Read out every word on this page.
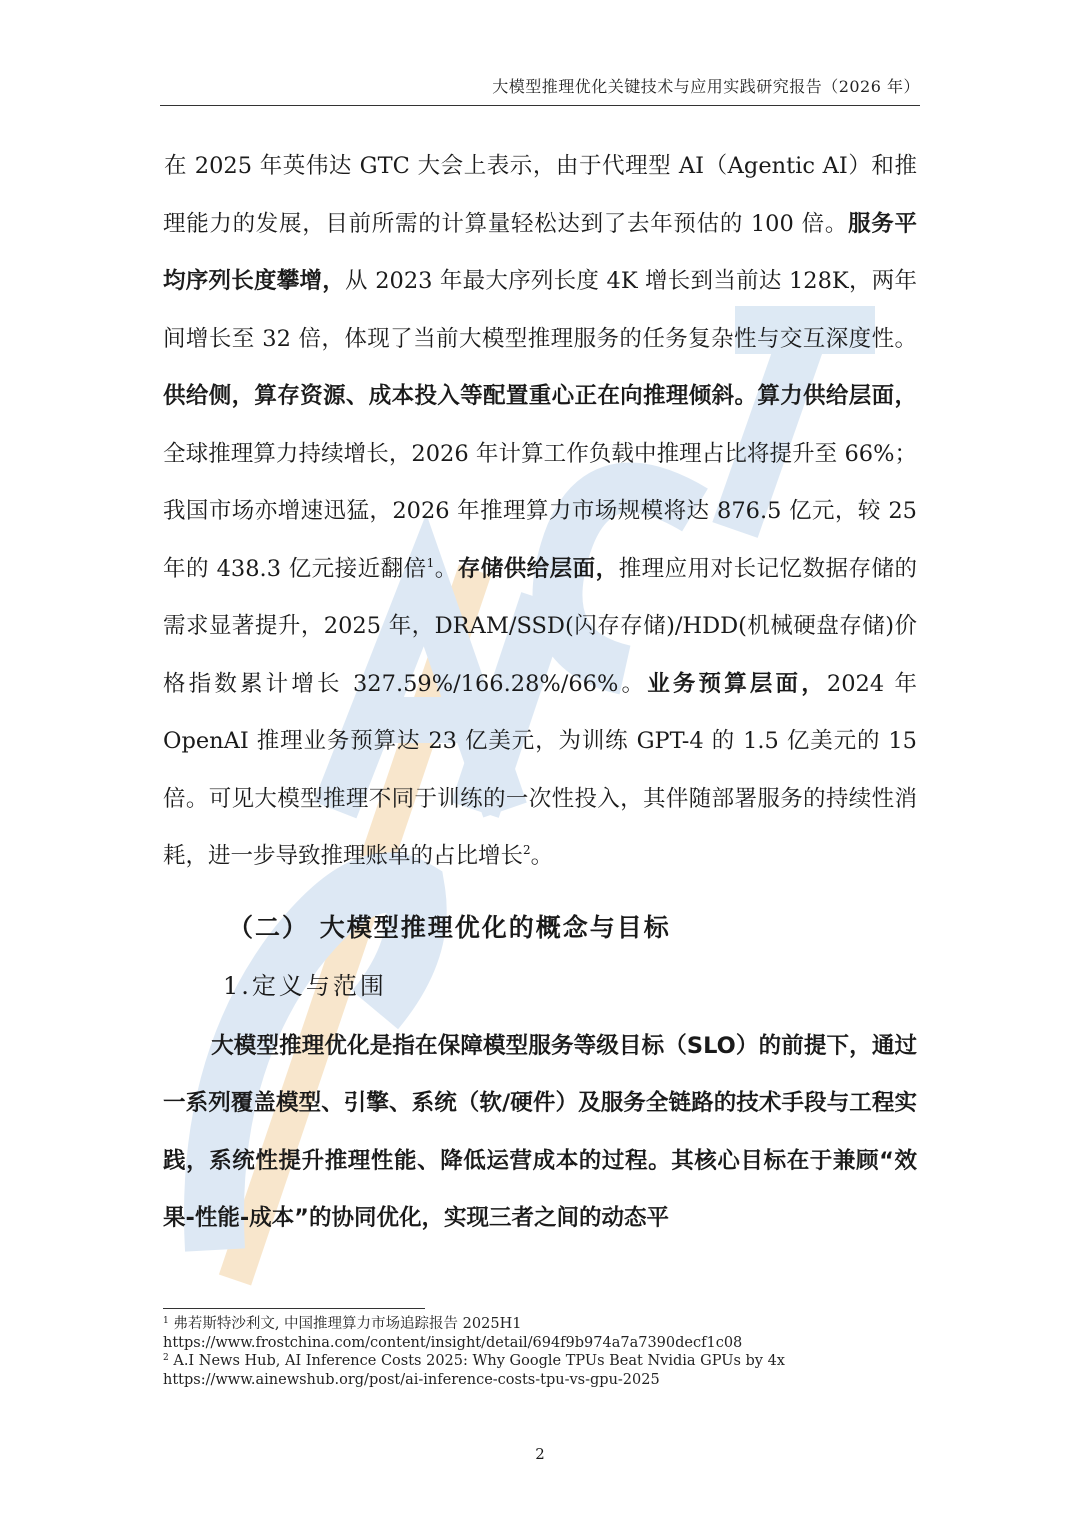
CAICT 中国信通院
大模型推理优化关键技术与应用实践研究报告（2026 年）

在 2025 年英伟达 GTC 大会上表示，由于代理型 AI（Agentic AI）和推理能力的发展，目前所需的计算量轻松达到了去年预估的 100 倍。服务平均序列长度攀增，从 2023 年最大序列长度 4K 增长到当前达 128K，两年间增长至 32 倍，体现了当前大模型推理服务的任务复杂性与交互深度性。供给侧，算存资源、成本投入等配置重心正在向推理倾斜。算力供给层面，全球推理算力持续增长，2026 年计算工作负载中推理占比将提升至 66%；我国市场亦增速迅猛，2026 年推理算力市场规模将达 876.5 亿元，较 25 年的 438.3 亿元接近翻倍$^1$。存储供给层面，推理应用对长记忆数据存储的需求显著提升，2025 年，DRAM/SSD(闪存存储)/HDD(机械硬盘存储)价格指数累计增长 327.59%/166.28%/66%。业务预算层面，2024 年 OpenAI 推理业务预算达 23 亿美元，为训练 GPT-4 的 1.5 亿美元的 15 倍。可见大模型推理不同于训练的一次性投入，其伴随部署服务的持续性消耗，进一步导致推理账单的占比增长$^2$。

（二） 大模型推理优化的概念与目标
1.定义与范围

大模型推理优化是指在保障模型服务等级目标（SLO）的前提下，通过一系列覆盖模型、引擎、系统（软/硬件）及服务全链路的技术手段与工程实践，系统性提升推理性能、降低运营成本的过程。其核心目标在于兼顾“效果-性能-成本”的协同优化，实现三者之间的动态平

$^1$ 弗若斯特沙利文, 中国推理算力市场追踪报告 2025H1

https://www.frostchina.com/content/insight/detail/694f9b974a7a7390decf1c08

$^2$ A.I News Hub, AI Inference Costs 2025: Why Google TPUs Beat Nvidia GPUs by 4x

https://www.ainewshub.org/post/ai-inference-costs-tpu-vs-gpu-2025

2
